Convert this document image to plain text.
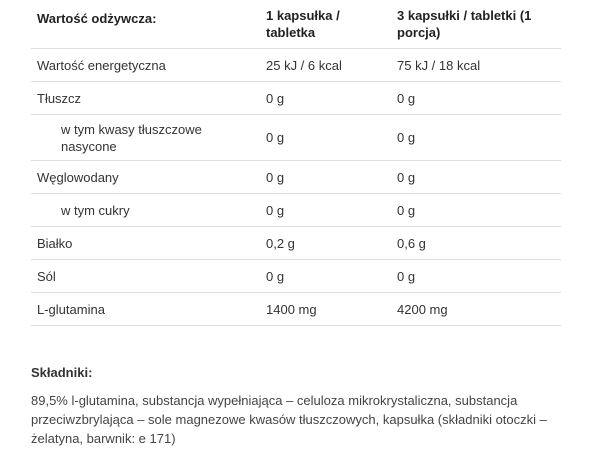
Wartość odżywcza:	1 kapsułka / tabletka	3 kapsułki / tabletki (1 porcja)
Wartość energetyczna	25 kJ / 6 kcal	75 kJ / 18 kcal
Tłuszcz	0 g	0 g
w tym kwasy tłuszczowe nasycone	0 g	0 g
Węglowodany	0 g	0 g
w tym cukry	0 g	0 g
Białko	0,2 g	0,6 g
Sól	0 g	0 g
L-glutamina	1400 mg	4200 mg

Składniki:

89,5% l-glutamina, substancja wypełniająca – celuloza mikrokrystaliczna, substancja przeciwzbrylająca – sole magnezowe kwasów tłuszczowych, kapsułka (składniki otoczki – żelatyna, barwnik: e 171)
